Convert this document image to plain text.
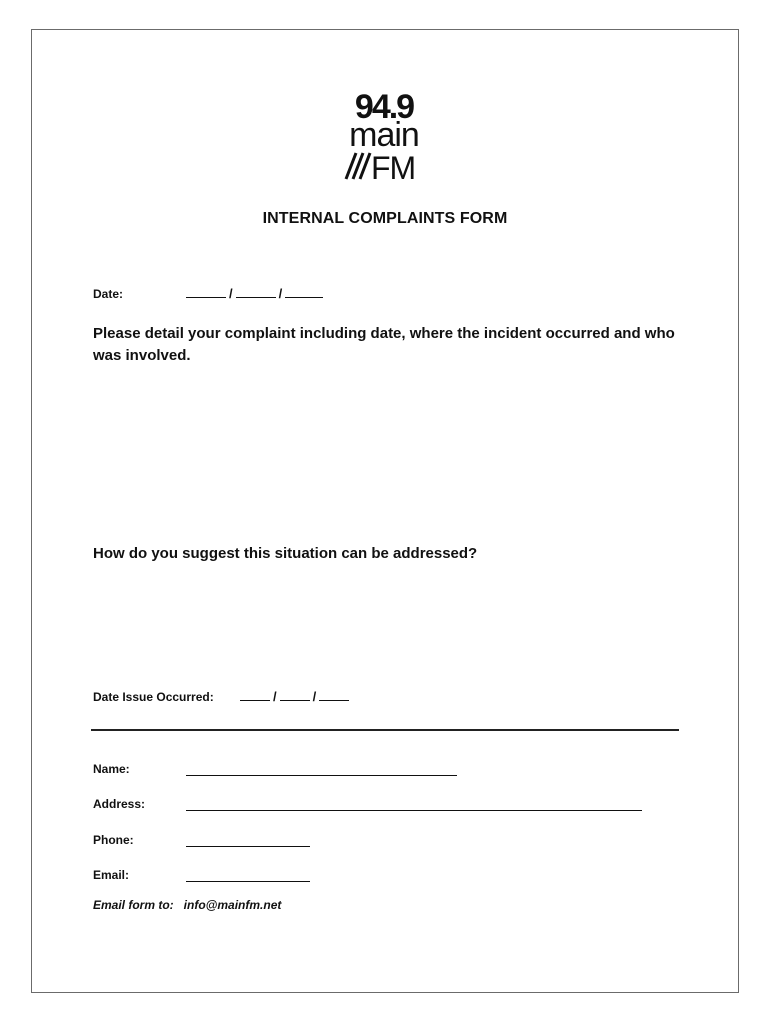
94.9
main
FM
INTERNAL COMPLAINTS FORM
Date:	/	/
Please detail your complaint including date, where the incident occurred and who was involved.
How do you suggest this situation can be addressed?
Date Issue Occurred:	/	/
Name:
Address:
Phone:
Email:
Email form to: info@mainfm.net
